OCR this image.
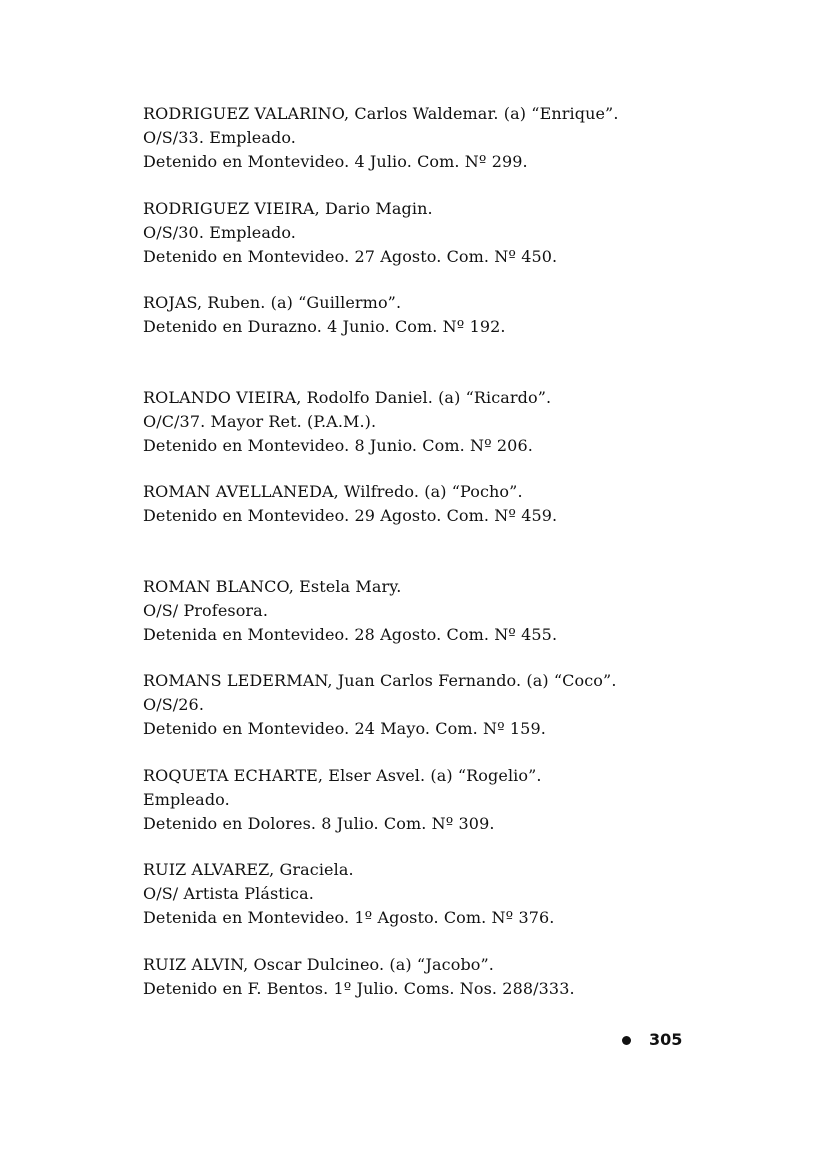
RODRIGUEZ VALARINO, Carlos Waldemar. (a) “Enrique”.
O/S/33. Empleado.
Detenido en Montevideo. 4 Julio. Com. Nº 299.
RODRIGUEZ VIEIRA, Dario Magin.
O/S/30. Empleado.
Detenido en Montevideo. 27 Agosto. Com. Nº 450.
ROJAS, Ruben. (a) “Guillermo”.
Detenido en Durazno. 4 Junio. Com. Nº 192.
ROLANDO VIEIRA, Rodolfo Daniel. (a) “Ricardo”.
O/C/37. Mayor Ret. (P.A.M.).
Detenido en Montevideo. 8 Junio. Com. Nº 206.
ROMAN AVELLANEDA, Wilfredo. (a) “Pocho”.
Detenido en Montevideo. 29 Agosto. Com. Nº 459.
ROMAN BLANCO, Estela Mary.
O/S/ Profesora.
Detenida en Montevideo. 28 Agosto. Com. Nº 455.
ROMANS LEDERMAN, Juan Carlos Fernando. (a) “Coco”.
O/S/26.
Detenido en Montevideo. 24 Mayo. Com. Nº 159.
ROQUETA ECHARTE, Elser Asvel. (a) “Rogelio”.
Empleado.
Detenido en Dolores. 8 Julio. Com. Nº 309.
RUIZ ALVAREZ, Graciela.
O/S/ Artista Plástica.
Detenida en Montevideo. 1º Agosto. Com. Nº 376.
RUIZ ALVIN, Oscar Dulcineo. (a) “Jacobo”.
Detenido en F. Bentos. 1º Julio. Coms. Nos. 288/333.
305
